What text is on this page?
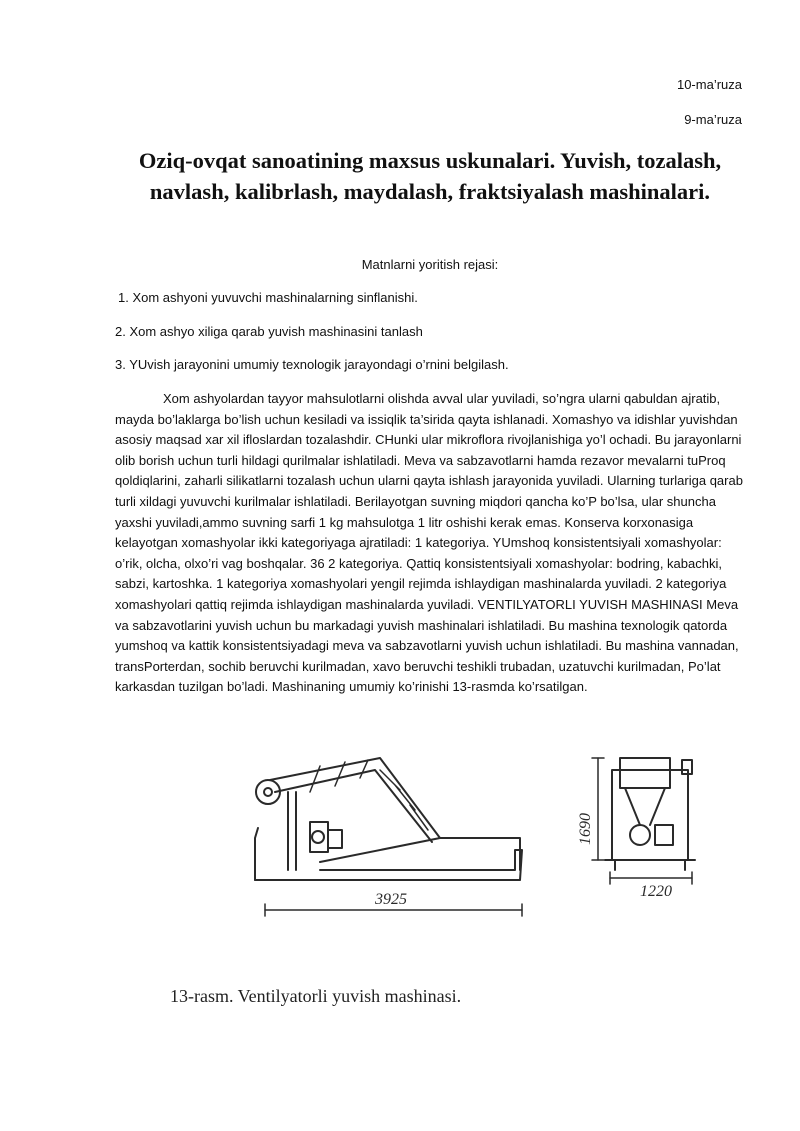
10-ma’ruza
9-ma’ruza
Oziq-ovqat sanoatining maxsus uskunalari. Yuvish, tozalash, navlash, kalibrlash, maydalash, fraktsiyalash mashinalari.
Matnlarni yoritish rejasi:
1. Xom ashyoni yuvuvchi mashinalarning sinflanishi.
2. Xom ashyo xiliga qarab yuvish mashinasini tanlash
3. YUvish jarayonini umumiy texnologik jarayondagi o’rnini belgilash.

Xom ashyolardan tayyor mahsulotlarni olishda avval ular yuviladi, so’ngra ularni qabuldan ajratib, mayda bo’laklarga bo’lish uchun kesiladi va issiqlik ta’sirida qayta ishlanadi. Xomashyo va idishlar yuvishdan asosiy maqsad xar xil ifloslardan tozalashdir. CHunki ular mikroflora rivojlanishiga yo’l ochadi. Bu jarayonlarni olib borish uchun turli hildagi qurilmalar ishlatiladi. Meva va sabzavotlarni hamda rezavor mevalarni tuProq qoldiqlarini, zaharli silikatlarni tozalash uchun ularni qayta ishlash jarayonida yuviladi. Ularning turlariga qarab turli xildagi yuvuvchi kurilmalar ishlatiladi. Berilayotgan suvning miqdori qancha ko’P bo’lsa, ular shuncha yaxshi yuviladi,ammo suvning sarfi 1 kg mahsulotga 1 litr oshishi kerak emas. Konserva korxonasiga kelayotgan xomashyolar ikki kategoriyaga ajratiladi: 1 kategoriya. YUmshoq konsistentsiyali xomashyolar: o’rik, olcha, olxo’ri vag boshqalar. 36 2 kategoriya. Qattiq konsistentsiyali xomashyolar: bodring, kabachki, sabzi, kartoshka. 1 kategoriya xomashyolari yengil rejimda ishlaydigan mashinalarda yuviladi. 2 kategoriya xomashyolari qattiq rejimda ishlaydigan mashinalarda yuviladi. VENTILYATORLI YUVISH MASHINASI Meva va sabzavotlarini yuvish uchun bu markadagi yuvish mashinalari ishlatiladi. Bu mashina texnologik qatorda yumshoq va kattik konsistentsiyadagi meva va sabzavotlarni yuvish uchun ishlatiladi. Bu mashina vannadan, transPorterdan, sochib beruvchi kurilmadan, xavo beruvchi teshikli trubadan, uzatuvchi kurilmadan, Po’lat karkasdan tuzilgan bo’ladi. Mashinaning umumiy ko’rinishi 13-rasmda ko’rsatilgan.

3925	1220
1690
13-rasm. Ventilyatorli yuvish mashinasi.
